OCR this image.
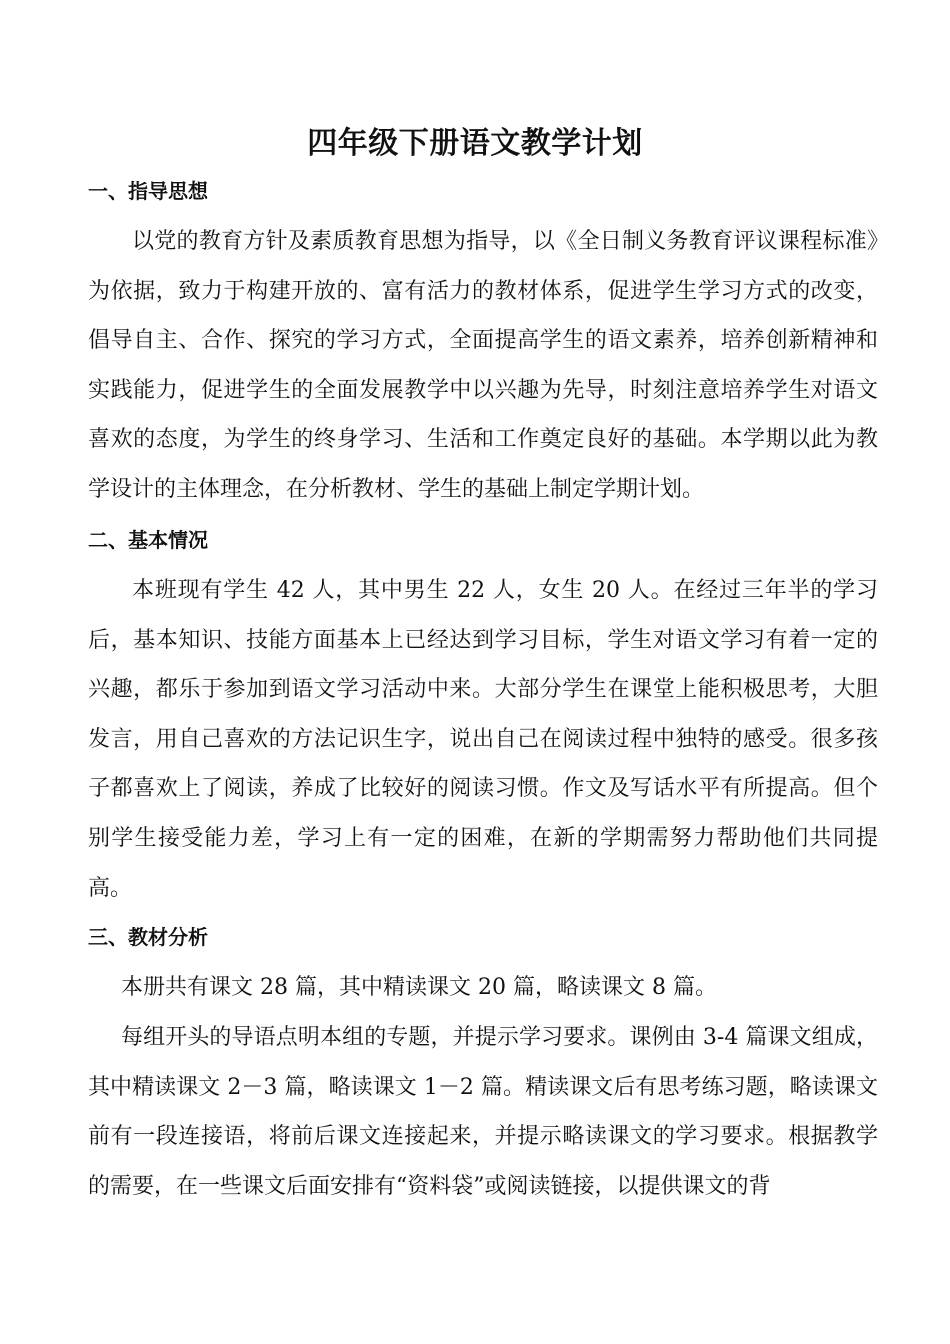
四年级下册语文教学计划
一、指导思想

以党的教育方针及素质教育思想为指导，以《全日制义务教育评议课程标准》为依据，致力于构建开放的、富有活力的教材体系，促进学生学习方式的改变，倡导自主、合作、探究的学习方式，全面提高学生的语文素养，培养创新精神和实践能力，促进学生的全面发展教学中以兴趣为先导，时刻注意培养学生对语文喜欢的态度，为学生的终身学习、生活和工作奠定良好的基础。本学期以此为教学设计的主体理念，在分析教材、学生的基础上制定学期计划。

二、基本情况

本班现有学生 42 人，其中男生 22 人，女生 20 人。在经过三年半的学习后，基本知识、技能方面基本上已经达到学习目标，学生对语文学习有着一定的兴趣，都乐于参加到语文学习活动中来。大部分学生在课堂上能积极思考，大胆发言，用自己喜欢的方法记识生字，说出自己在阅读过程中独特的感受。很多孩子都喜欢上了阅读，养成了比较好的阅读习惯。作文及写话水平有所提高。但个别学生接受能力差，学习上有一定的困难，在新的学期需努力帮助他们共同提高。

三、教材分析

本册共有课文 28 篇，其中精读课文 20 篇，略读课文 8 篇。

每组开头的导语点明本组的专题，并提示学习要求。课例由 3-4 篇课文组成，其中精读课文 2－3 篇，略读课文 1－2 篇。精读课文后有思考练习题，略读课文前有一段连接语，将前后课文连接起来，并提示略读课文的学习要求。根据教学的需要，在一些课文后面安排有“资料袋”或阅读链接，以提供课文的背
